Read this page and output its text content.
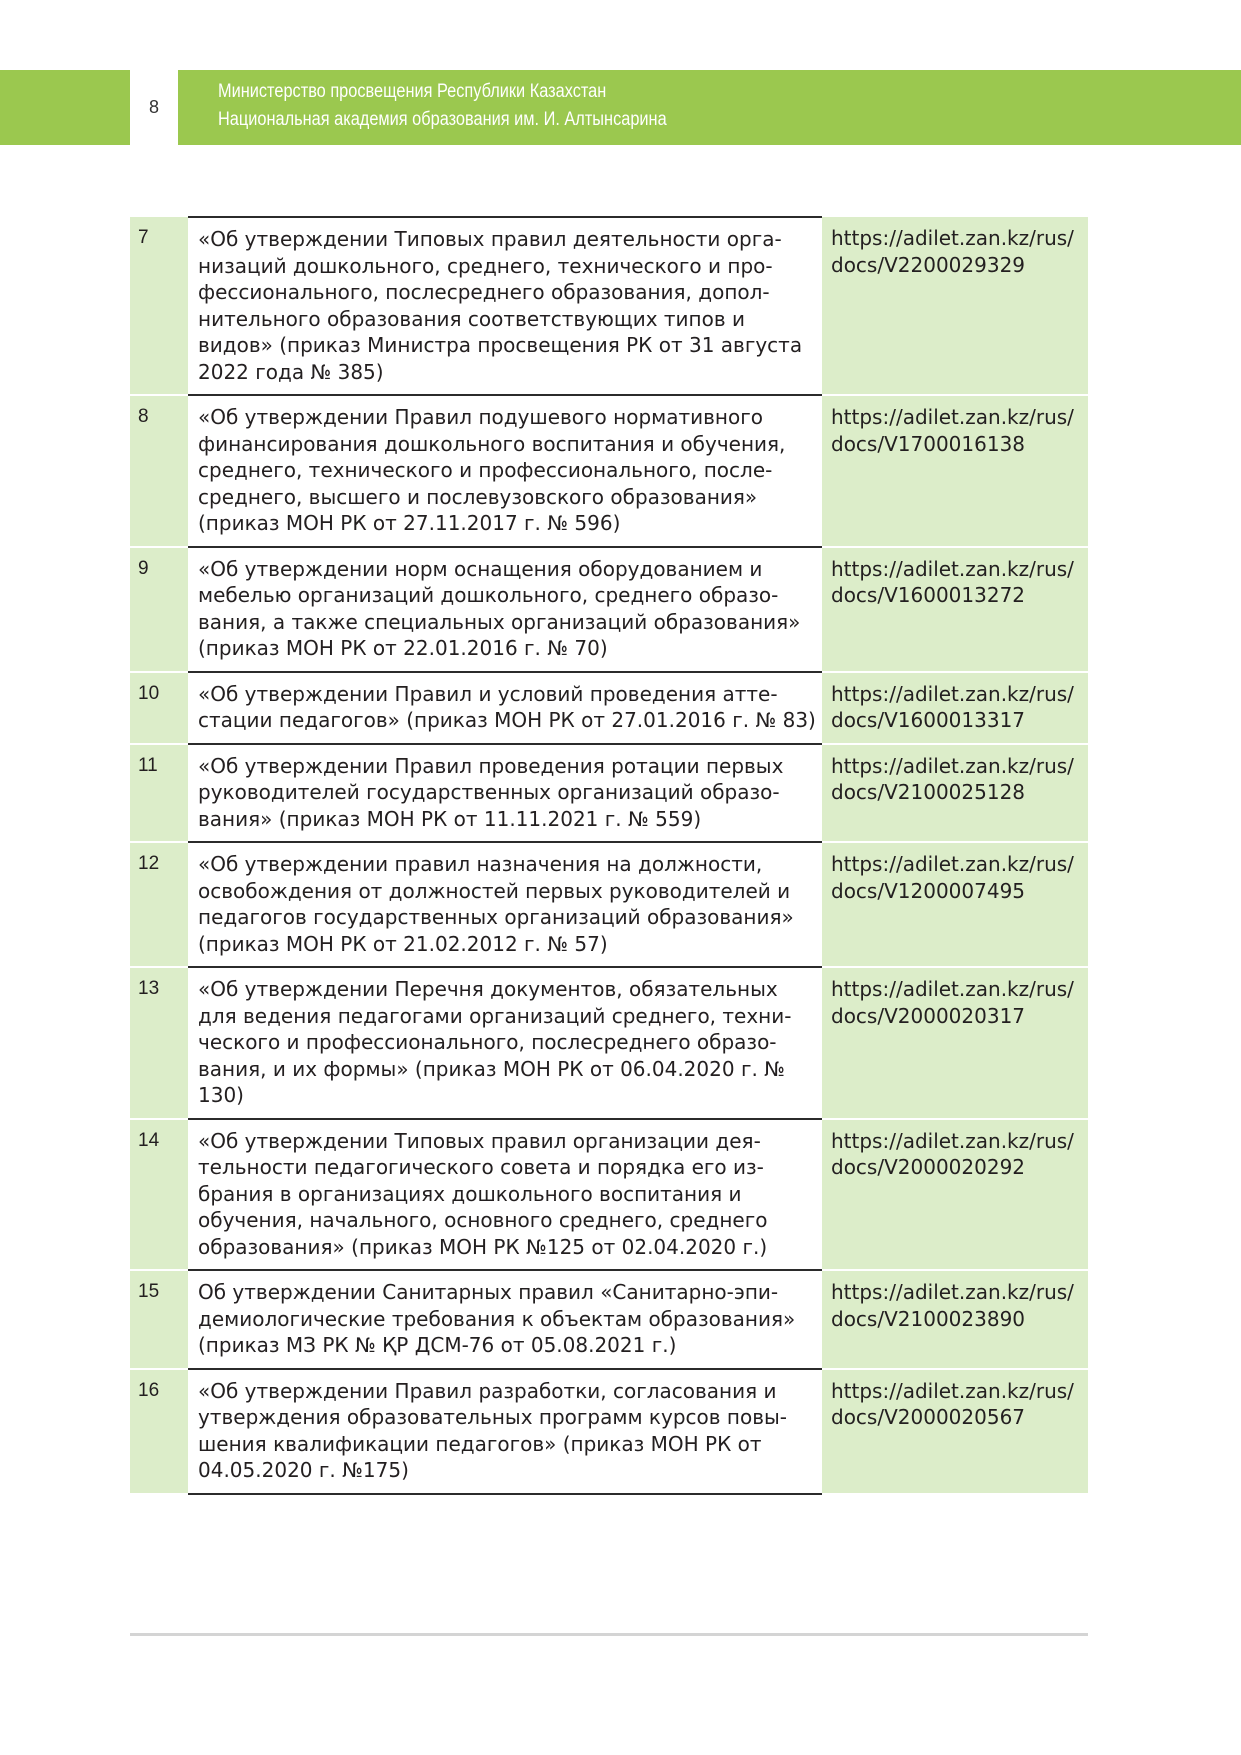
8
Министерство просвещения Республики Казахстан
Национальная академия образования им. И. Алтынсарина
7	«Об утверждении Типовых правил деятельности орга-низаций дошкольного, среднего, технического и про-фессионального, послесреднего образования, допол-нительного образования соответствующих типов и видов» (приказ Министра просвещения РК от 31 августа 2022 года № 385)	https://adilet.zan.kz/rus/docs/V2200029329
8	«Об утверждении Правил подушевого нормативного финансирования дошкольного воспитания и обучения, среднего, технического и профессионального, после-среднего, высшего и послевузовского образования» (приказ МОН РК от 27.11.2017 г. № 596)	https://adilet.zan.kz/rus/docs/V1700016138
9	«Об утверждении норм оснащения оборудованием и мебелью организаций дошкольного, среднего образо-вания, а также специальных организаций образования» (приказ МОН РК от 22.01.2016 г. № 70)	https://adilet.zan.kz/rus/docs/V1600013272
10	«Об утверждении Правил и условий проведения атте-стации педагогов» (приказ МОН РК от 27.01.2016 г. № 83)	https://adilet.zan.kz/rus/docs/V1600013317
11	«Об утверждении Правил проведения ротации первых руководителей государственных организаций образо-вания» (приказ МОН РК от 11.11.2021 г. № 559)	https://adilet.zan.kz/rus/docs/V2100025128
12	«Об утверждении правил назначения на должности, освобождения от должностей первых руководителей и педагогов государственных организаций образования» (приказ МОН РК от 21.02.2012 г. № 57)	https://adilet.zan.kz/rus/docs/V1200007495
13	«Об утверждении Перечня документов, обязательных для ведения педагогами организаций среднего, техни-ческого и профессионального, послесреднего образо-вания, и их формы» (приказ МОН РК от 06.04.2020 г. № 130)	https://adilet.zan.kz/rus/docs/V2000020317
14	«Об утверждении Типовых правил организации дея-тельности педагогического совета и порядка его из-брания в организациях дошкольного воспитания и обучения, начального, основного среднего, среднего образования» (приказ МОН РК №125 от 02.04.2020 г.)	https://adilet.zan.kz/rus/docs/V2000020292
15	Об утверждении Санитарных правил «Санитарно-эпи-демиологические требования к объектам образования» (приказ МЗ РК № ҚР ДСМ-76 от 05.08.2021 г.)	https://adilet.zan.kz/rus/docs/V2100023890
16	«Об утверждении Правил разработки, согласования и утверждения образовательных программ курсов повы-шения квалификации педагогов» (приказ МОН РК от 04.05.2020 г. №175)	https://adilet.zan.kz/rus/docs/V2000020567
